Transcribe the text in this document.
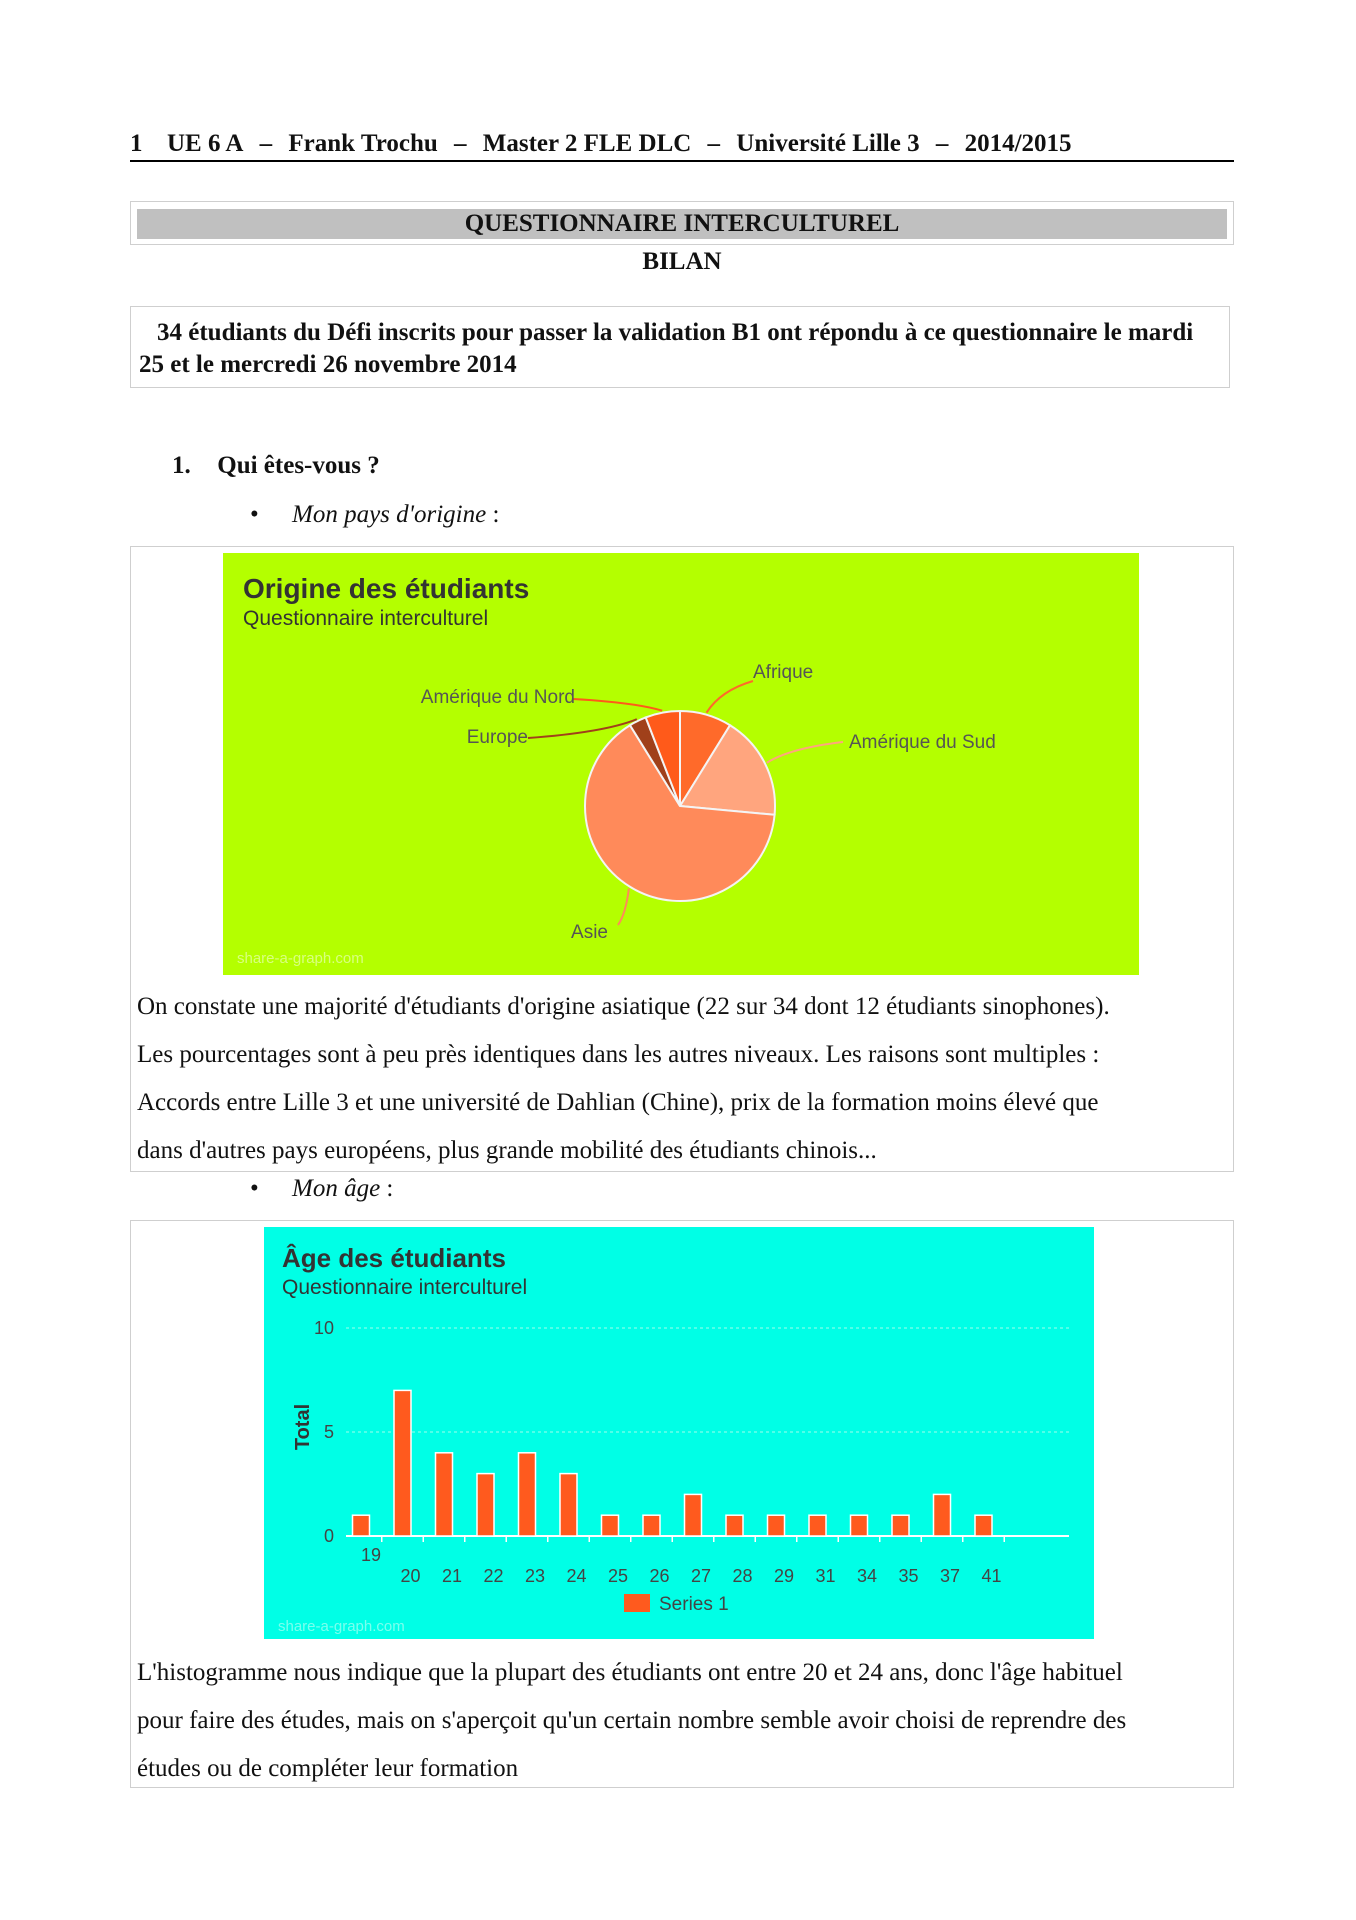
1 UE 6 A – Frank Trochu – Master 2 FLE DLC – Université Lille 3 – 2014/2015
QUESTIONNAIRE INTERCULTUREL
BILAN
34 étudiants du Défi inscrits pour passer la validation B1 ont répondu à ce questionnaire le mardi 25 et le mercredi 26 novembre 2014
1. Qui êtes-vous ?
• Mon pays d'origine :
Origine des étudiants
Questionnaire interculturel
Afrique
Amérique du Sud
Asie
Europe
Amérique du Nord
share-a-graph.com

On constate une majorité d'étudiants d'origine asiatique (22 sur 34 dont 12 étudiants sinophones).

Les pourcentages sont à peu près identiques dans les autres niveaux. Les raisons sont multiples :

Accords entre Lille 3 et une université de Dahlian (Chine), prix de la formation moins élevé que

dans d'autres pays européens, plus grande mobilité des étudiants chinois...

• Mon âge :
Âge des étudiants
Questionnaire interculturel
Total
0
5
10
19
20 21 22 23 24 25 26 27 28 29 31 34 35 37 41
Series 1
share-a-graph.com

L'histogramme nous indique que la plupart des étudiants ont entre 20 et 24 ans, donc l'âge habituel

pour faire des études, mais on s'aperçoit qu'un certain nombre semble avoir choisi de reprendre des

études ou de compléter leur formation
